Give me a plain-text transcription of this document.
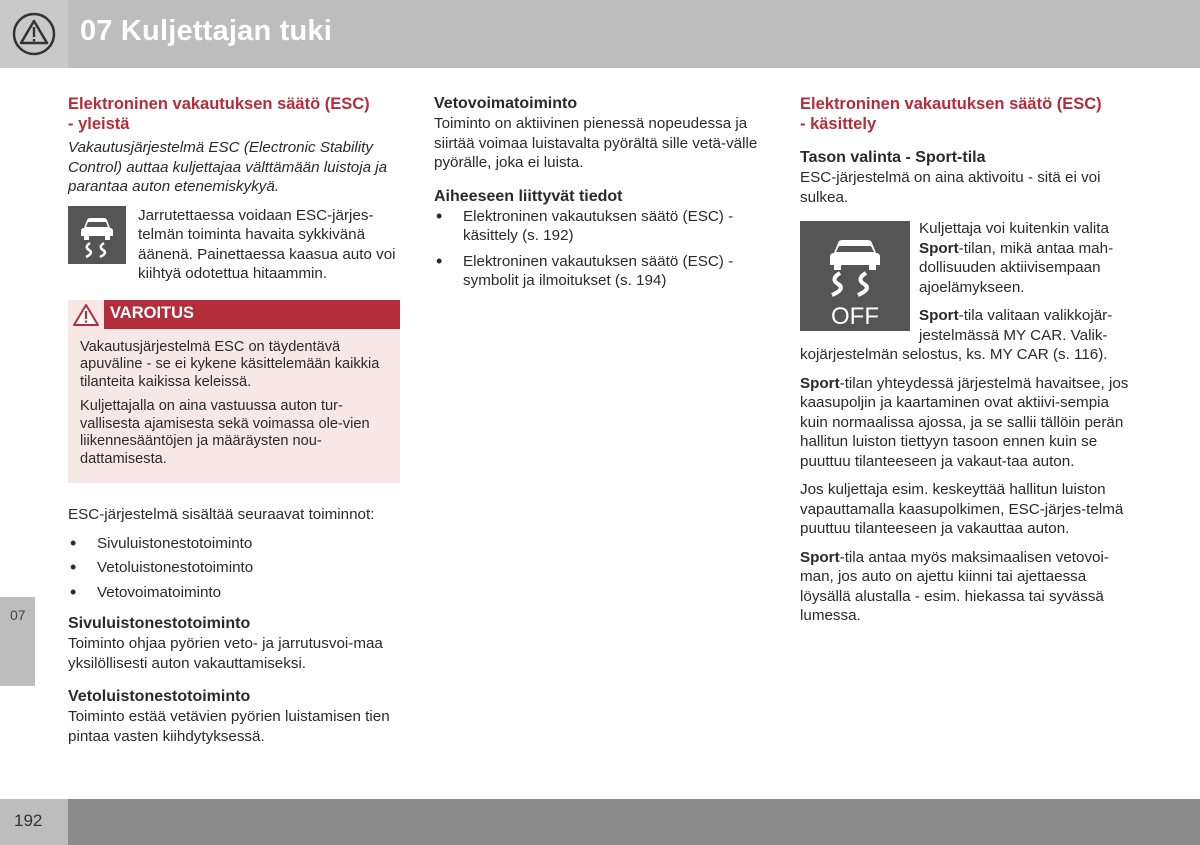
07 Kuljettajan tuki
07
Elektroninen vakautuksen säätö (ESC)
- yleistä

Vakautusjärjestelmä ESC (Electronic Stability Control) auttaa kuljettajaa välttämään luistoja ja parantaa auton etenemiskykyä.

Jarrutettaessa voidaan ESC-järjes-telmän toiminta havaita sykkivänä äänenä. Painettaessa kaasua auto voi kiihtyä odotettua hitaammin.
VAROITUS

Vakautusjärjestelmä ESC on täydentävä apuväline - se ei kykene käsittelemään kaikkia tilanteita kaikissa keleissä.

Kuljettajalla on aina vastuussa auton tur-vallisesta ajamisesta sekä voimassa ole-vien liikennesääntöjen ja määräysten nou-dattamisesta.

ESC-järjestelmä sisältää seuraavat toiminnot:

• Sivuluistonestotoiminto
• Vetoluistonestotoiminto
• Vetovoimatoiminto
Sivuluistonestotoiminto

Toiminto ohjaa pyörien veto- ja jarrutusvoi-maa yksilöllisesti auton vakauttamiseksi.

Vetoluistonestotoiminto

Toiminto estää vetävien pyörien luistamisen tien pintaa vasten kiihdytyksessä.

Vetovoimatoiminto

Toiminto on aktiivinen pienessä nopeudessa ja siirtää voimaa luistavalta pyörältä sille vetä-välle pyörälle, joka ei luista.

Aiheeseen liittyvät tiedot
• Elektroninen vakautuksen säätö (ESC) - käsittely (s. 192)
• Elektroninen vakautuksen säätö (ESC) - symbolit ja ilmoitukset (s. 194)
Elektroninen vakautuksen säätö (ESC)
- käsittely
Tason valinta - Sport-tila

ESC-järjestelmä on aina aktivoitu - sitä ei voi sulkea.

OFF

Kuljettaja voi kuitenkin valita Sport-tilan, mikä antaa mah-dollisuuden aktiivisempaan ajoelämykseen.

Sport-tila valitaan valikkojär-jestelmässä MY CAR. Valik-kojärjestelmän selostus, ks. MY CAR (s. 116).

Sport-tilan yhteydessä järjestelmä havaitsee, jos kaasupoljin ja kaartaminen ovat aktiivi-sempia kuin normaalissa ajossa, ja se sallii tällöin perän hallitun luiston tiettyyn tasoon ennen kuin se puuttuu tilanteeseen ja vakaut-taa auton.

Jos kuljettaja esim. keskeyttää hallitun luiston vapauttamalla kaasupolkimen, ESC-järjes-telmä puuttuu tilanteeseen ja vakauttaa auton.

Sport-tila antaa myös maksimaalisen vetovoi-man, jos auto on ajettu kiinni tai ajettaessa löysällä alustalla - esim. hiekassa tai syvässä lumessa.

192
